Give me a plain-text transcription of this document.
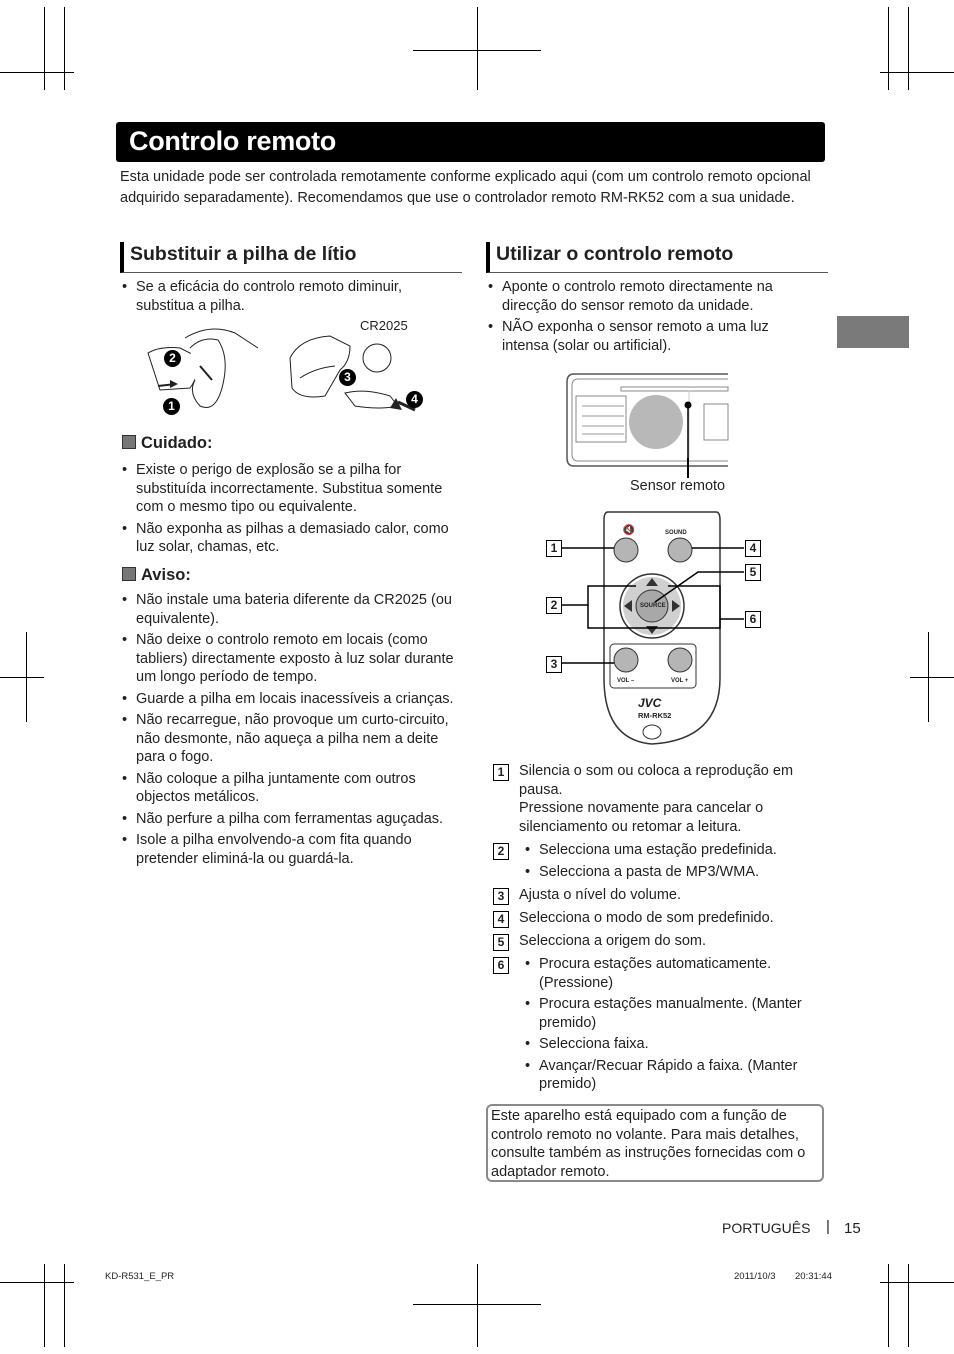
Controlo remoto

Esta unidade pode ser controlada remotamente conforme explicado aqui (com um controlo remoto opcional adquirido separadamente). Recomendamos que use o controlador remoto RM-RK52 com a sua unidade.

Substituir a pilha de lítio
• Se a eficácia do controlo remoto diminuir, substitua a pilha.
CR2025
2
1
3
4
Cuidado:
• Existe o perigo de explosão se a pilha for substituída incorrectamente. Substitua somente com o mesmo tipo ou equivalente.
• Não exponha as pilhas a demasiado calor, como luz solar, chamas, etc.
Aviso:
• Não instale uma bateria diferente da CR2025 (ou equivalente).
• Não deixe o controlo remoto em locais (como tabliers) directamente exposto à luz solar durante um longo período de tempo.
• Guarde a pilha em locais inacessíveis a crianças.
• Não recarregue, não provoque um curto-circuito, não desmonte, não aqueça a pilha nem a deite para o fogo.
• Não coloque a pilha juntamente com outros objectos metálicos.
• Não perfure a pilha com ferramentas aguçadas.
• Isole a pilha envolvendo-a com fita quando pretender eliminá-la ou guardá-la.
Utilizar o controlo remoto
• Aponte o controlo remoto directamente na direcção do sensor remoto da unidade.
• NÃO exponha o sensor remoto a uma luz intensa (solar ou artificial).
Sensor remoto
🔇	SOUND
SOURCE
VOL –	VOL +
JVC
RM-RK52
1
2
3
4
5
6
1	Silencia o som ou coloca a reprodução em pausa.
Pressione novamente para cancelar o silenciamento ou retomar a leitura.
2	• Selecciona uma estação predefinida.
• Selecciona a pasta de MP3/WMA.
3	Ajusta o nível do volume.
4	Selecciona o modo de som predefinido.
5	Selecciona a origem do som.
6	• Procura estações automaticamente. (Pressione)
• Procura estações manualmente. (Manter premido)
• Selecciona faixa.
• Avançar/Recuar Rápido a faixa. (Manter premido)
Este aparelho está equipado com a função de controlo remoto no volante. Para mais detalhes, consulte também as instruções fornecidas com o adaptador remoto.
PORTUGUÊS | 15
KD-R531_E_PR	2011/10/3 20:31:44
